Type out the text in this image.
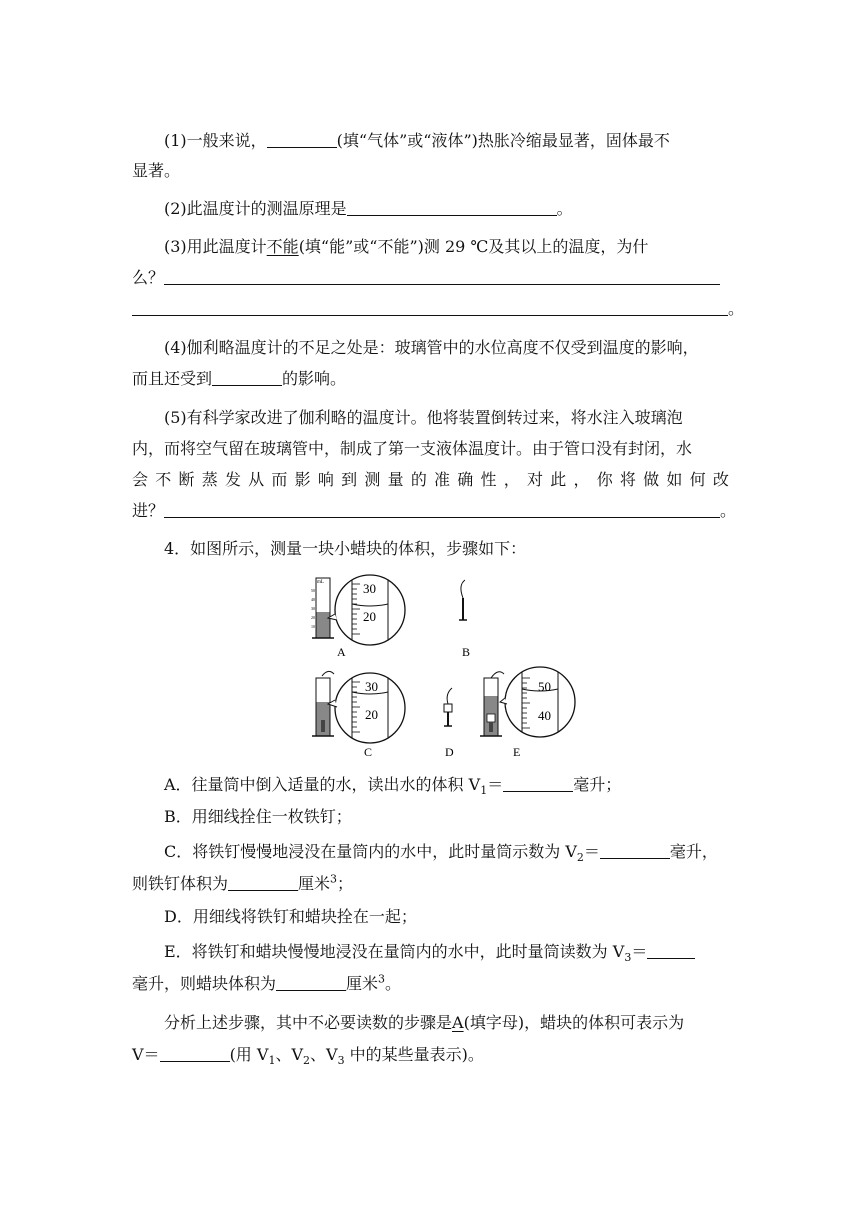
(1)一般来说，	(填“气体”或“液体”)热胀冷缩最显著，固体最不
显著。
(2)此温度计的测温原理是	。
(3)用此温度计不能(填“能”或“不能”)测 29 ℃及其以上的温度，为什
么？
。
(4)伽利略温度计的不足之处是：玻璃管中的水位高度不仅受到温度的影响，
而且还受到	的影响。
(5)有科学家改进了伽利略的温度计。他将装置倒转过来，将水注入玻璃泡
内，而将空气留在玻璃管中，制成了第一支液体温度计。由于管口没有封闭，水
会 不 断 蒸 发 从 而 影 响 到 测 量 的 准 确 性 ， 对 此 ， 你 将 做 如 何 改
进？	。
4．如图所示，测量一块小蜡块的体积，步骤如下：
mL
50
40
30
20
10
30
20
A	B
30
20
C	D
50
40
E
A．往量筒中倒入适量的水，读出水的体积 $V_1=$	毫升；
B．用细线拴住一枚铁钉；
C．将铁钉慢慢地浸没在量筒内的水中，此时量筒示数为 $V_2=$	毫升，
则铁钉体积为	厘米$^3$；
D．用细线将铁钉和蜡块拴在一起；
E．将铁钉和蜡块慢慢地浸没在量筒内的水中，此时量筒读数为 $V_3=$
毫升，则蜡块体积为	厘米$^3$。
分析上述步骤，其中不必要读数的步骤是A(填字母)，蜡块的体积可表示为
V＝	(用 $V_1$、$V_2$、$V_3$ 中的某些量表示)。
